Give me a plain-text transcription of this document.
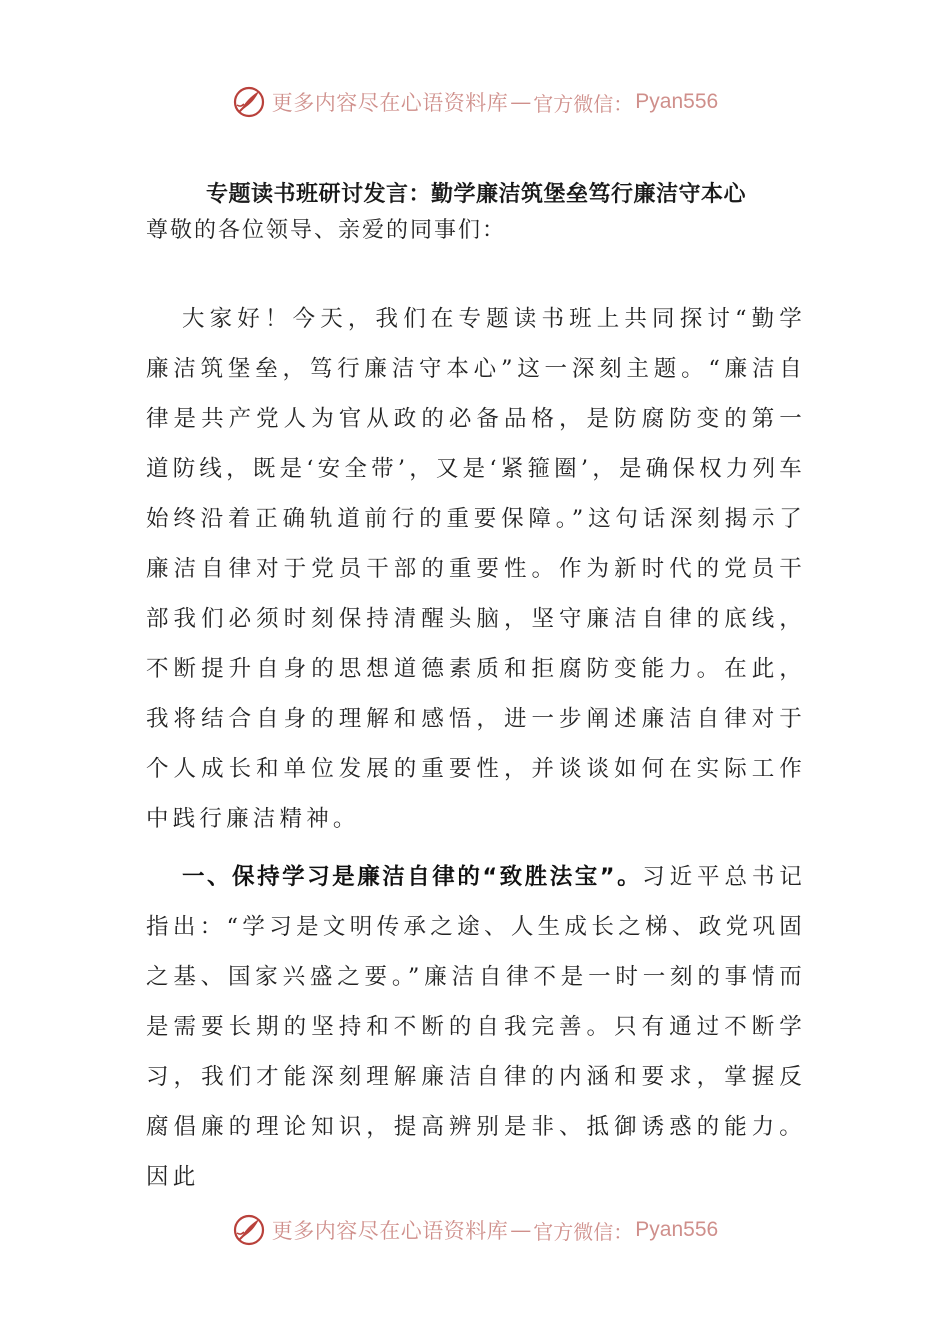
更多内容尽在心语资料库 — 官方微信： Pyan556
专题读书班研讨发言：勤学廉洁筑堡垒笃行廉洁守本心
尊敬的各位领导、亲爱的同事们：
大家好！今天，我们在专题读书班上共同探讨“勤学廉洁筑堡垒，笃行廉洁守本心”这一深刻主题。“廉洁自律是共产党人为官从政的必备品格，是防腐防变的第一道防线，既是‘安全带’，又是‘紧箍圈’，是确保权力列车始终沿着正确轨道前行的重要保障。”这句话深刻揭示了廉洁自律对于党员干部的重要性。作为新时代的党员干部我们必须时刻保持清醒头脑，坚守廉洁自律的底线，不断提升自身的思想道德素质和拒腐防变能力。在此，我将结合自身的理解和感悟，进一步阐述廉洁自律对于个人成长和单位发展的重要性，并谈谈如何在实际工作中践行廉洁精神。
一、保持学习是廉洁自律的“致胜法宝”。习近平总书记指出：“学习是文明传承之途、人生成长之梯、政党巩固之基、国家兴盛之要。”廉洁自律不是一时一刻的事情而是需要长期的坚持和不断的自我完善。只有通过不断学习，我们才能深刻理解廉洁自律的内涵和要求，掌握反腐倡廉的理论知识，提高辨别是非、抵御诱惑的能力。因此
更多内容尽在心语资料库 — 官方微信： Pyan556
